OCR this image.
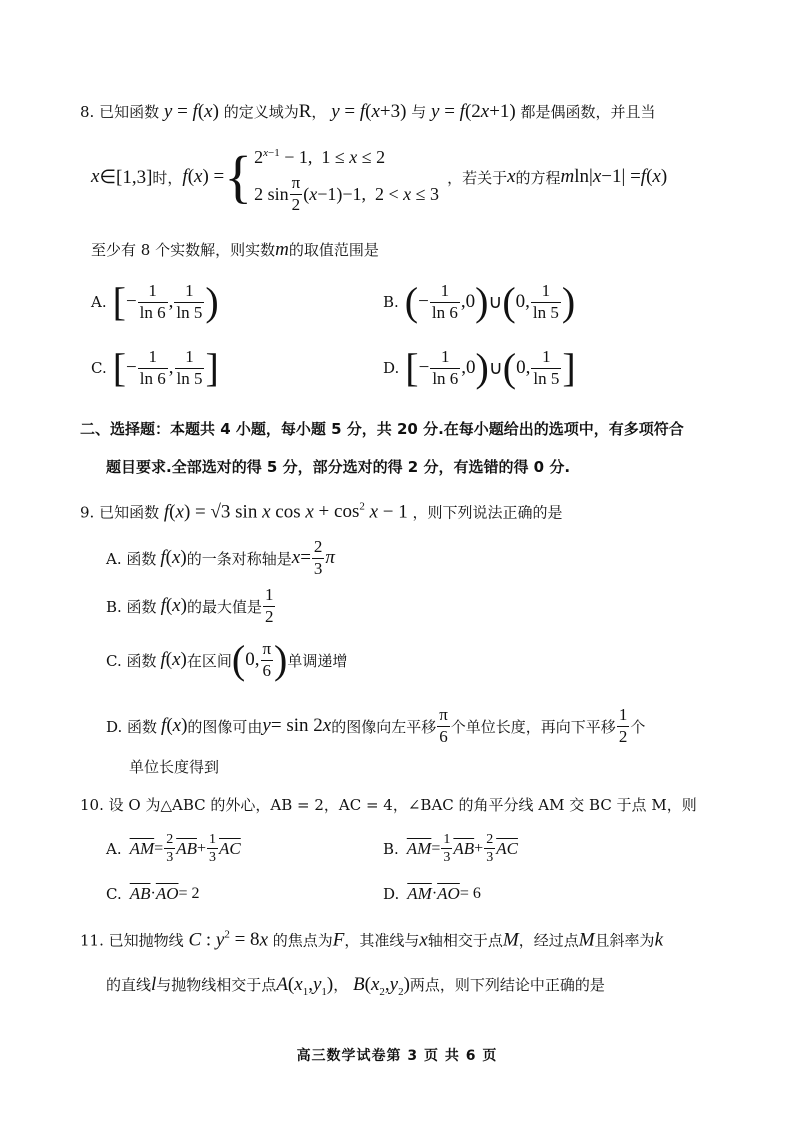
8. 已知函数 y = f(x) 的定义域为R， y = f(x+3) 与 y = f(2x+1) 都是偶函数，并且当
x ∈[1,3] 时， f ( x ) = { $2^{x-1} - 1$,  1 ≤ x ≤ 2
2 $\sin \frac{\pi}{2} (x-1)-1$,  2 < x ≤ 3
，若关于 x 的方程 m ln| x −1| = f ( x )
至少有 8 个实数解，则实数m的取值范围是
A. [ − $\frac{1}{\ln 6}$ , $\frac{1}{\ln 5}$ )	B. ( − $\frac{1}{\ln 6} ,0$ ) ∪ ( 0, $\frac{1}{\ln 5}$ )
C. [ − $\frac{1}{\ln 6}$ , $\frac{1}{\ln 5}$ ]	D. [ − $\frac{1}{\ln 6} ,0$ ) ∪ ( 0, $\frac{1}{\ln 5}$ ]
二、选择题：本题共 4 小题，每小题 5 分，共 20 分.在每小题给出的选项中，有多项符合
题目要求.全部选对的得 5 分，部分选对的得 2 分，有选错的得 0 分.
9. 已知函数 f(x) = √3 sin x $\cos x + \cos^2 x - 1$ ，则下列说法正确的是
A. 函数 f ( x ) 的一条对称轴是 $x = \frac{2}{3}$ π
B. 函数 f ( x ) 的最大值是 $\frac{1}{2}$
C. 函数 f ( x ) 在区间 ( 0, $\frac{\pi}{6}$ ) 单调递增
D. 函数 f ( x ) 的图像可由 y = sin 2 x 的图像向左平移 $\frac{\pi}{6}$ 个单位长度，再向下平移 $\frac{1}{2}$ 个
单位长度得到
10. 设 O 为△ABC 的外心，AB = 2，AC = 4，∠BAC 的角平分线 AM 交 BC 于点 M，则
A. $\overline{AM} = \frac{2}{3} \overline{AB} + \frac{1}{3} \overline{AC}$	B. $\overline{AM} = \frac{1}{3} \overline{AB} + \frac{2}{3} \overline{AC}$
C. $\overline{AB} \cdot \overline{AO} = 2$	D. $\overline{AM} \cdot \overline{AO} = 6$
11. 已知抛物线 C : $y^2 = 8x$ 的焦点为F，其准线与x轴相交于点M，经过点M且斜率为k
的直线l与抛物线相交于点$A(x_1,y_1)$， $B(x_2,y_2)$两点，则下列结论中正确的是
高三数学试卷第 3 页 共 6 页
